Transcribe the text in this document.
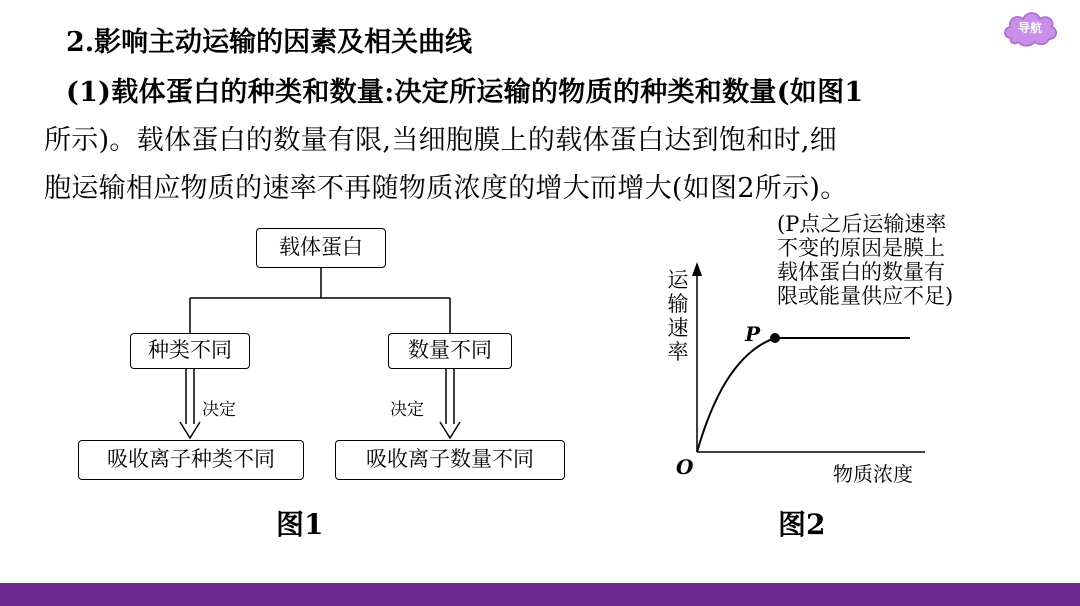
2.影响主动运输的因素及相关曲线
(1)载体蛋白的种类和数量:决定所运输的物质的种类和数量(如图1
所示)。载体蛋白的数量有限,当细胞膜上的载体蛋白达到饱和时,细
胞运输相应物质的速率不再随物质浓度的增大而增大(如图2所示)。
导航
载体蛋白
种类不同	数量不同
决定	决定
吸收离子种类不同	吸收离子数量不同
图1
运输速率
物质浓度
O
P
(P点之后运输速率
不变的原因是膜上
载体蛋白的数量有
限或能量供应不足)
图2
